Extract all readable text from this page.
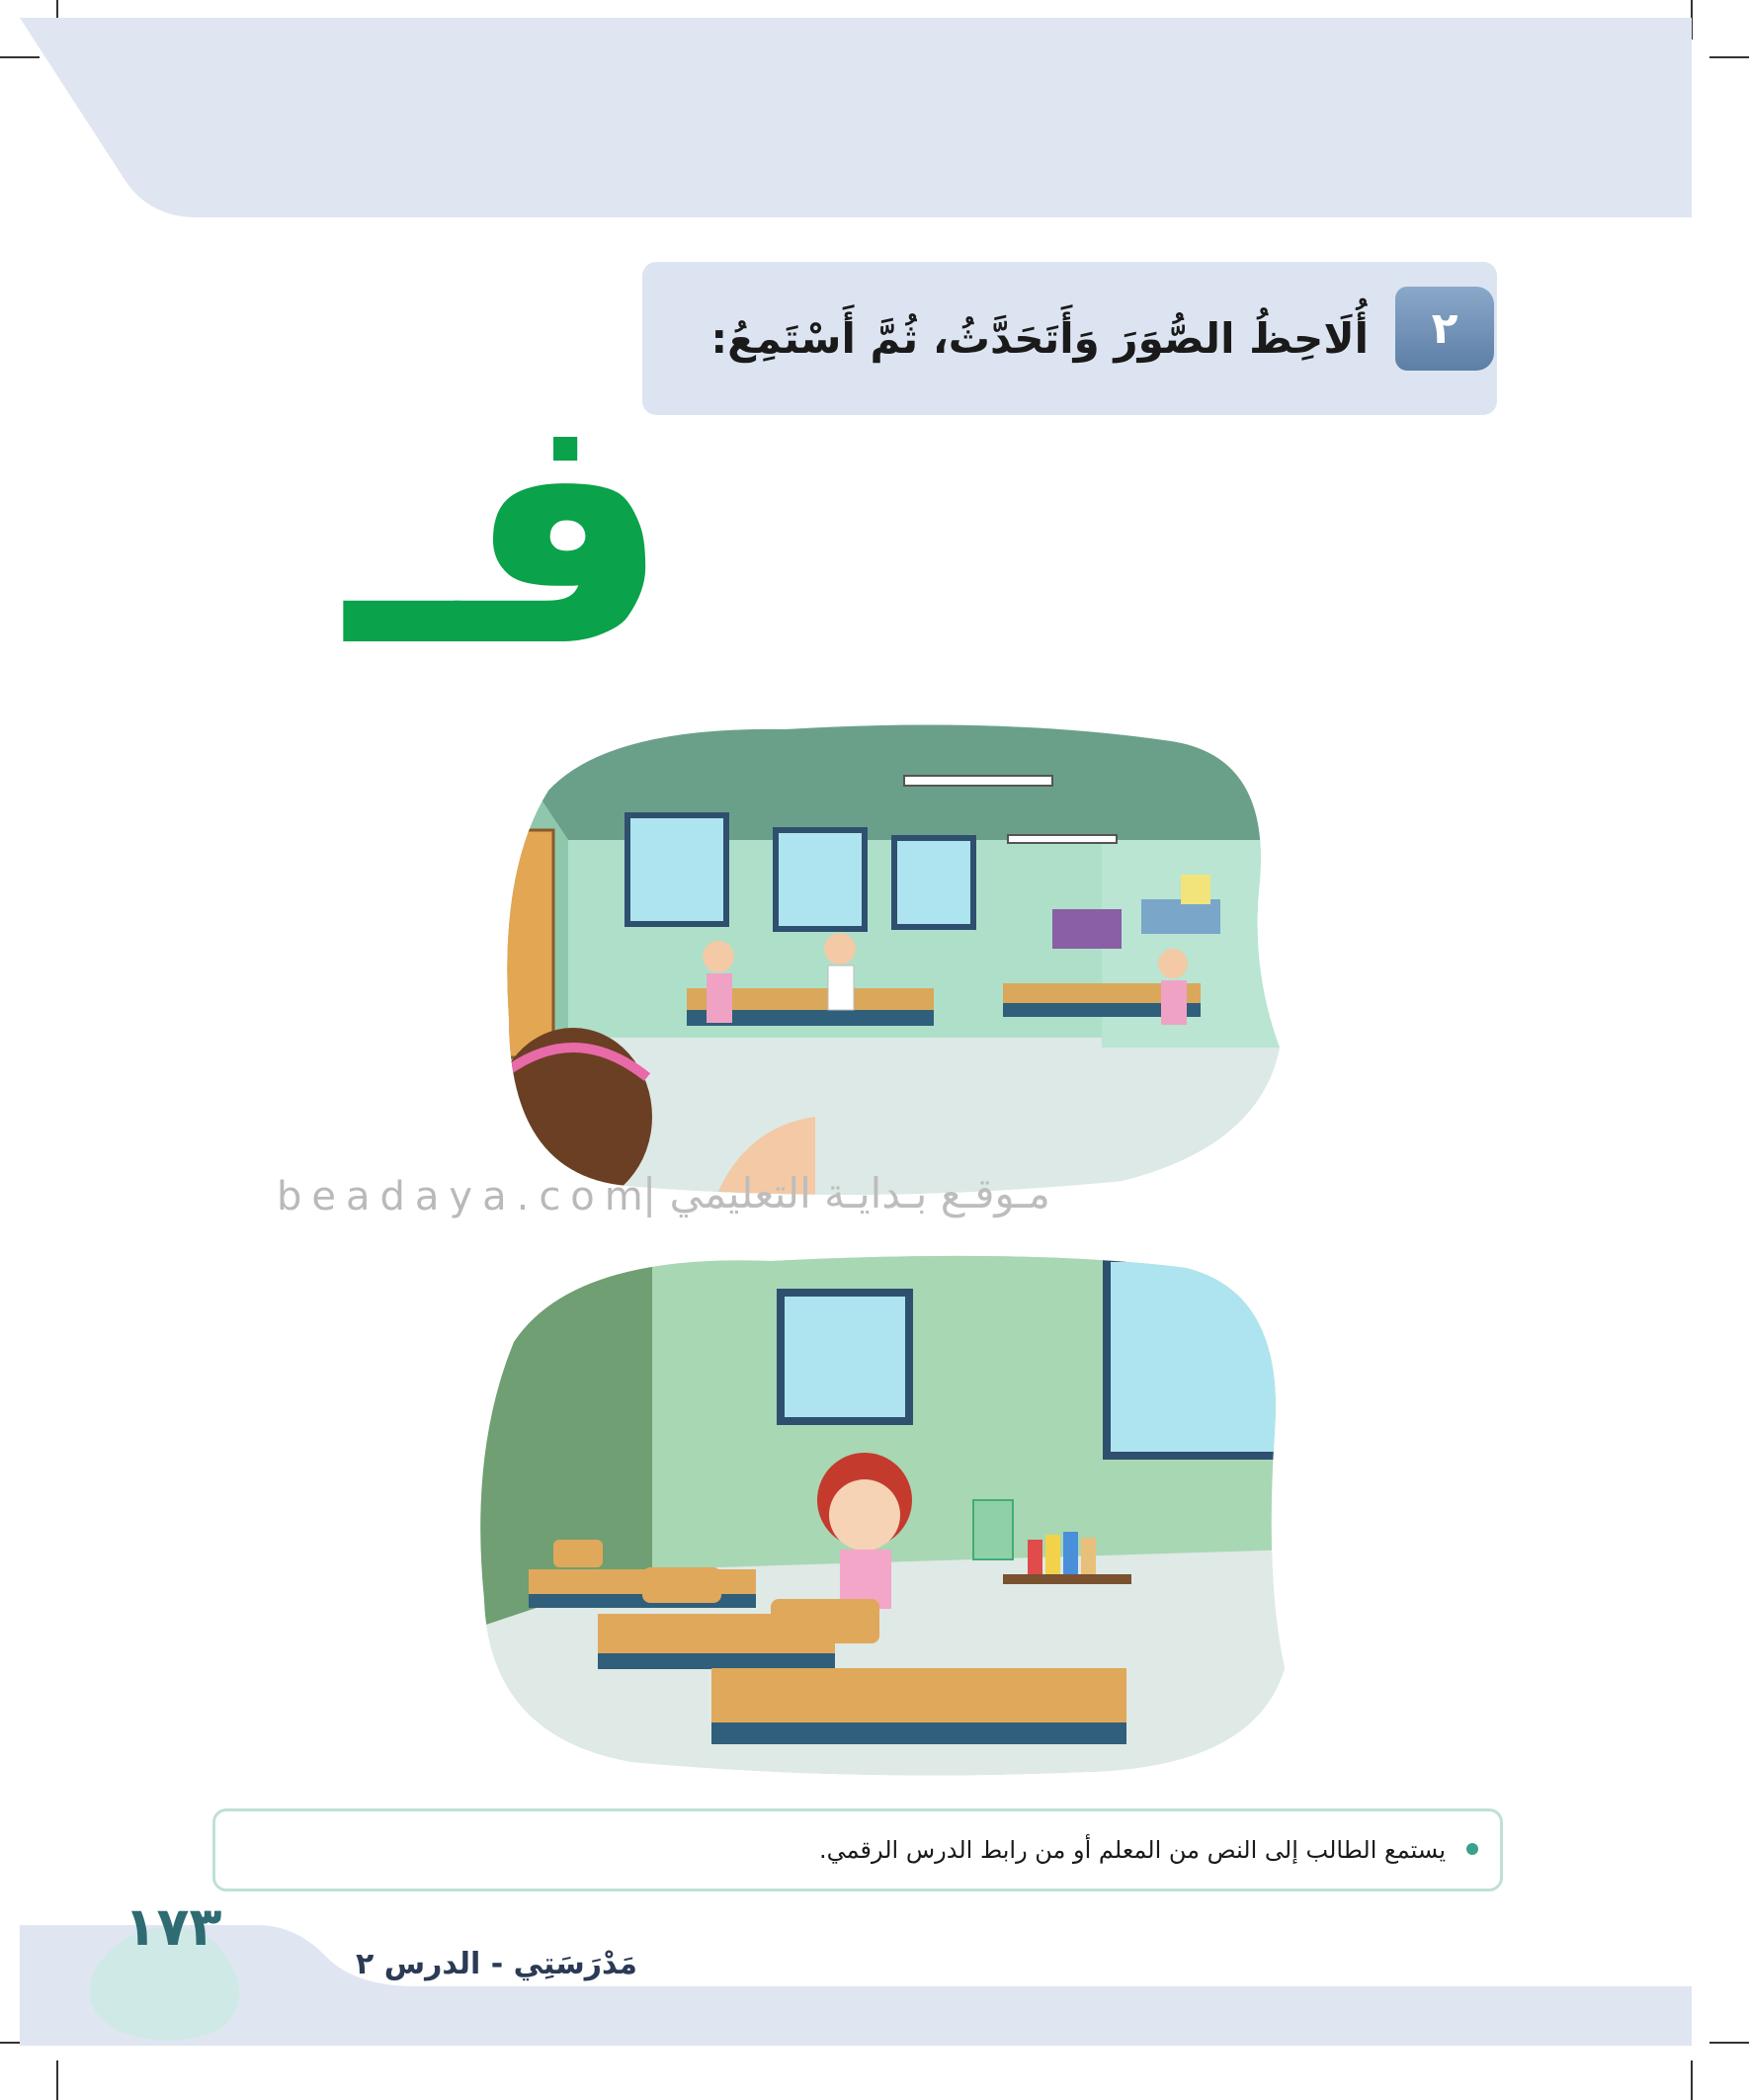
أُلَاحِظُ الصُّوَرَ وَأَتَحَدَّثُ، ثُمَّ أَسْتَمِعُ:	٢
فـ
beadaya.com
مـوقـع بـدايـة التعليمي |
يستمع الطالب إلى النص من المعلم أو من رابط الدرس الرقمي.
١٧٣
مَدْرَسَتِي - الدرس ٢
